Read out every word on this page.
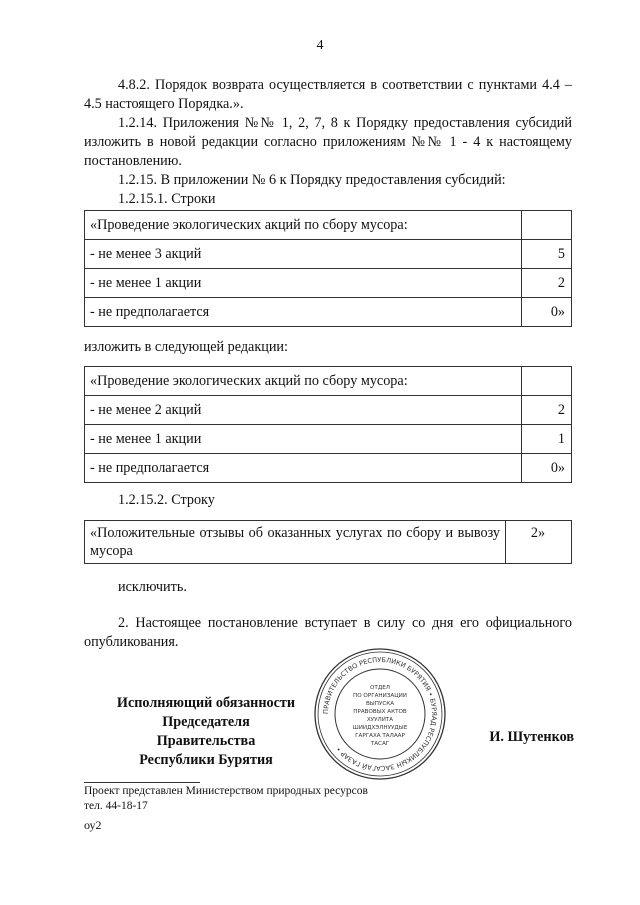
4

4.8.2. Порядок возврата осуществляется в соответствии с пунктами 4.4 – 4.5 настоящего Порядка.».

1.2.14. Приложения №№ 1, 2, 7, 8 к Порядку предоставления субсидий изложить в новой редакции согласно приложениям №№ 1 - 4 к настоящему постановлению.

1.2.15. В приложении № 6 к Порядку предоставления субсидий:

1.2.15.1. Строки

«Проведение экологических акций по сбору мусора:	
- не менее 3 акций	5
- не менее 1 акции	2
- не предполагается	0»

изложить в следующей редакции:

«Проведение экологических акций по сбору мусора:	
- не менее 2 акций	2
- не менее 1 акции	1
- не предполагается	0»

1.2.15.2. Строку

«Положительные отзывы об оказанных услугах по сбору и вывозу мусора	2»

исключить.

2. Настоящее постановление вступает в силу со дня его официального опубликования.

ПРАВИТЕЛЬСТВО РЕСПУБЛИКИ БУРЯТИЯ • БУРЯАД РЕСПУБЛИКЫН ЗАСАГАЙ ГАЗАР •
ОТДЕЛ
ПО ОРГАНИЗАЦИИ
ВЫПУСКА
ПРАВОВЫХ АКТОВ
ХУУЛИТА
ШИИДХЭЛНУУДЫЕ
ГАРГАХА ТАЛААР
ТАСАГ
Исполняющий обязанности
Председателя Правительства
Республики Бурятия
И. Шутенков
Проект представлен Министерством природных ресурсов
тел. 44-18-17
оу2
